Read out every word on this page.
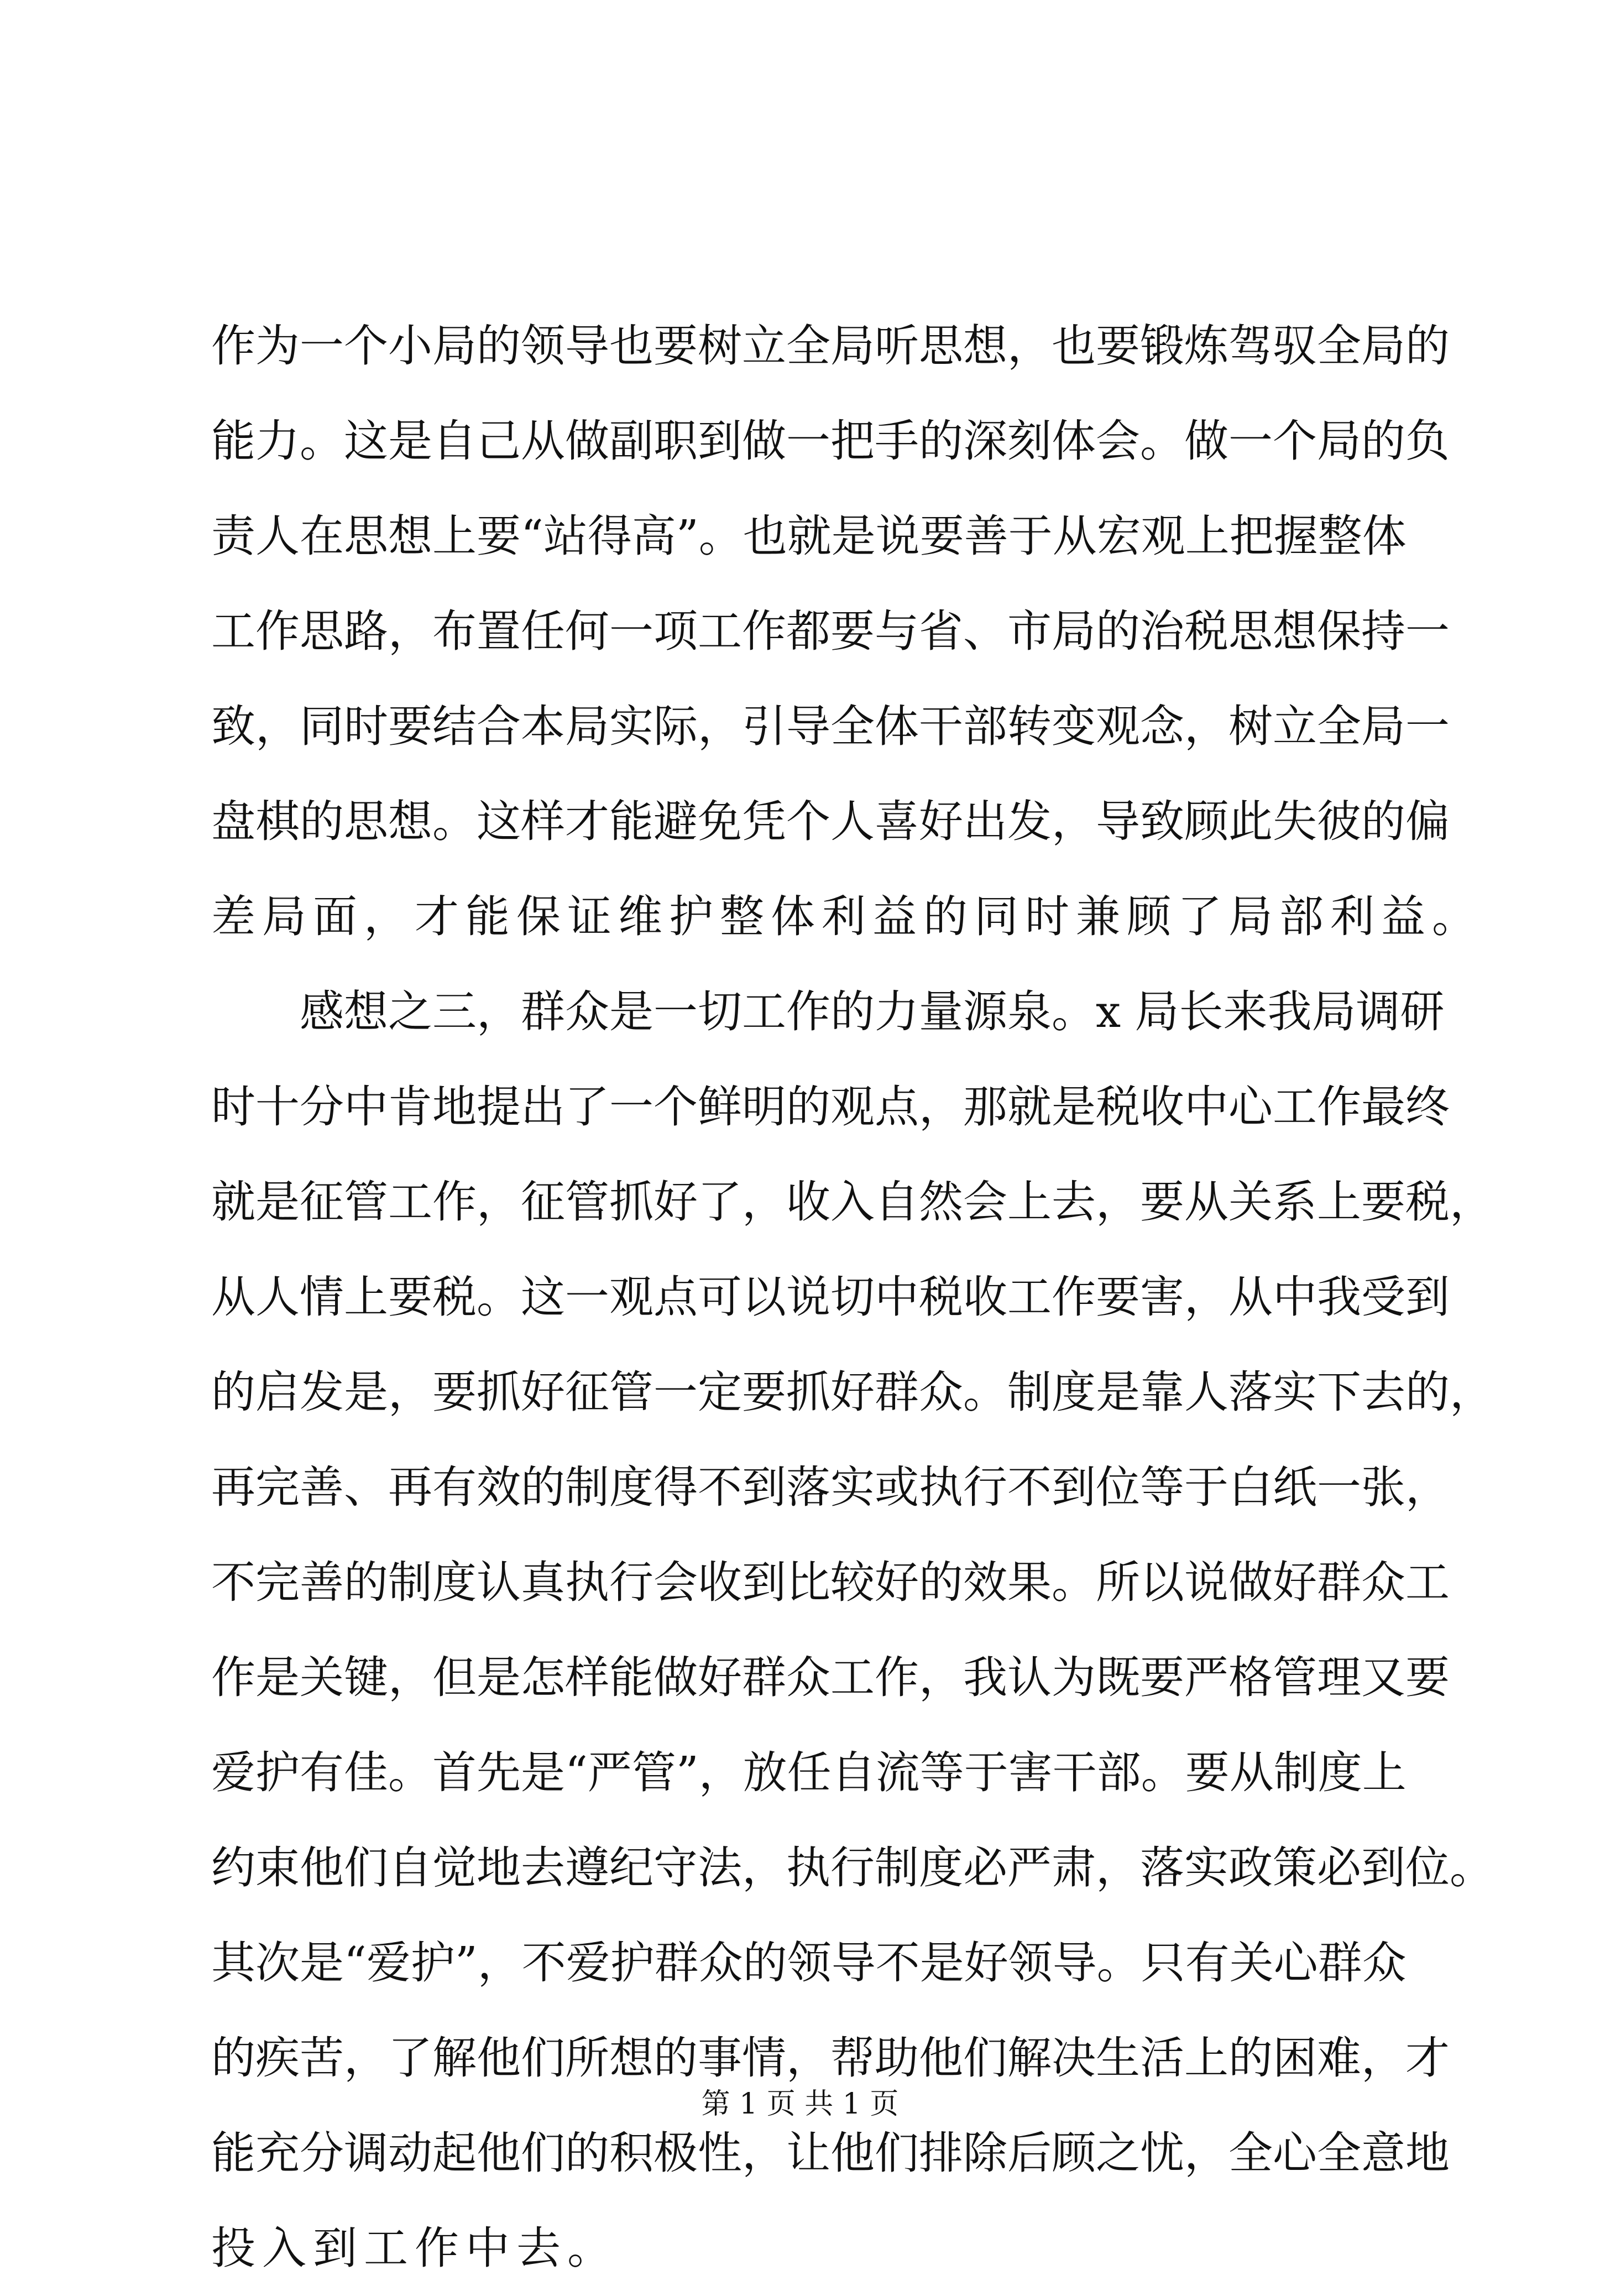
作为一个小局的领导也要树立全局听思想，也要锻炼驾驭全局的
能力。这是自己从做副职到做一把手的深刻体会。做一个局的负
责人在思想上要“站得高”。也就是说要善于从宏观上把握整体
工作思路，布置任何一项工作都要与省、市局的治税思想保持一
致，同时要结合本局实际，引导全体干部转变观念，树立全局一
盘棋的思想。这样才能避免凭个人喜好出发，导致顾此失彼的偏
差局面，才能保证维护整体利益的同时兼顾了局部利益。
感想之三，群众是一切工作的力量源泉。x 局长来我局调研
时十分中肯地提出了一个鲜明的观点，那就是税收中心工作最终
就是征管工作，征管抓好了，收入自然会上去，要从关系上要税，
从人情上要税。这一观点可以说切中税收工作要害，从中我受到
的启发是，要抓好征管一定要抓好群众。制度是靠人落实下去的，
再完善、再有效的制度得不到落实或执行不到位等于白纸一张，
不完善的制度认真执行会收到比较好的效果。所以说做好群众工
作是关键，但是怎样能做好群众工作，我认为既要严格管理又要
爱护有佳。首先是“严管”，放任自流等于害干部。要从制度上
约束他们自觉地去遵纪守法，执行制度必严肃，落实政策必到位。
其次是“爱护”，不爱护群众的领导不是好领导。只有关心群众
的疾苦，了解他们所想的事情，帮助他们解决生活上的困难，才
能充分调动起他们的积极性，让他们排除后顾之忧，全心全意地
投入到工作中去。
第 1 页 共 1 页
